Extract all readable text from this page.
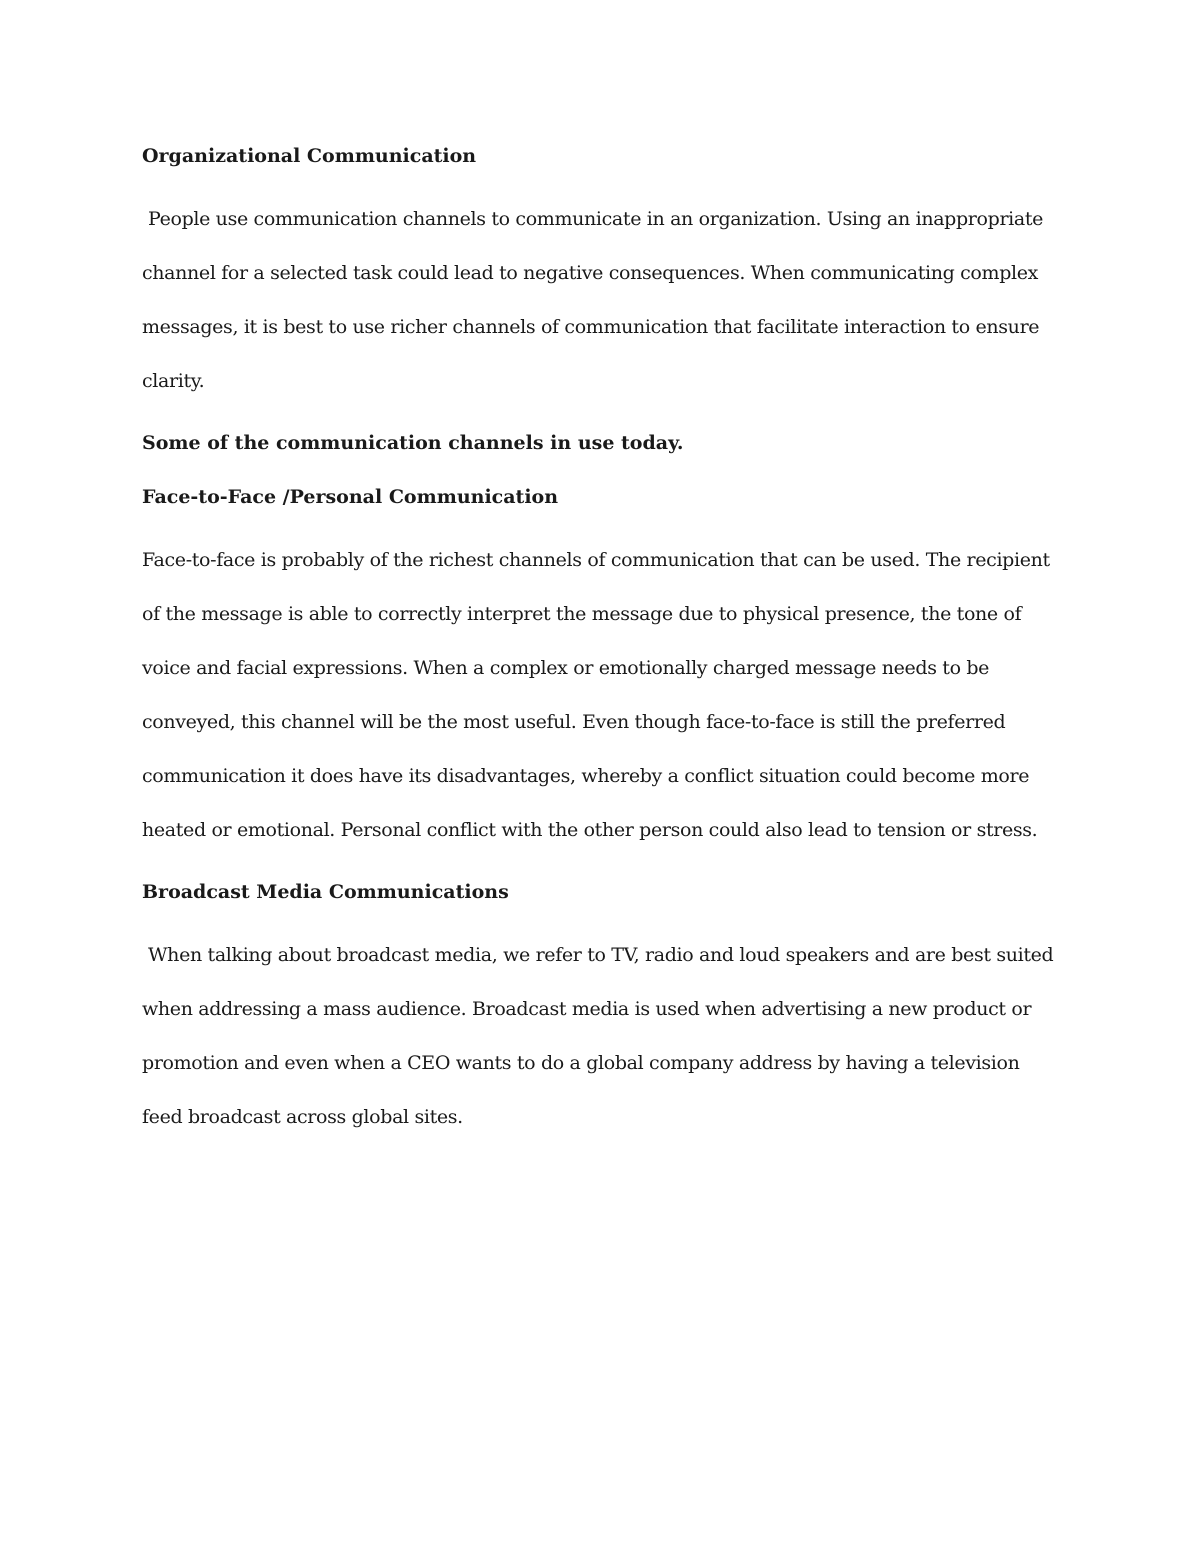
Organizational Communication
People use communication channels to communicate in an organization. Using an inappropriate
channel for a selected task could lead to negative consequences. When communicating complex
messages, it is best to use richer channels of communication that facilitate interaction to ensure
clarity.
Some of the communication channels in use today.
Face-to-Face /Personal Communication
Face-to-face is probably of the richest channels of communication that can be used. The recipient
of the message is able to correctly interpret the message due to physical presence, the tone of
voice and facial expressions. When a complex or emotionally charged message needs to be
conveyed, this channel will be the most useful. Even though face-to-face is still the preferred
communication it does have its disadvantages, whereby a conflict situation could become more
heated or emotional. Personal conflict with the other person could also lead to tension or stress.
Broadcast Media Communications
When talking about broadcast media, we refer to TV, radio and loud speakers and are best suited
when addressing a mass audience. Broadcast media is used when advertising a new product or
promotion and even when a CEO wants to do a global company address by having a television
feed broadcast across global sites.
